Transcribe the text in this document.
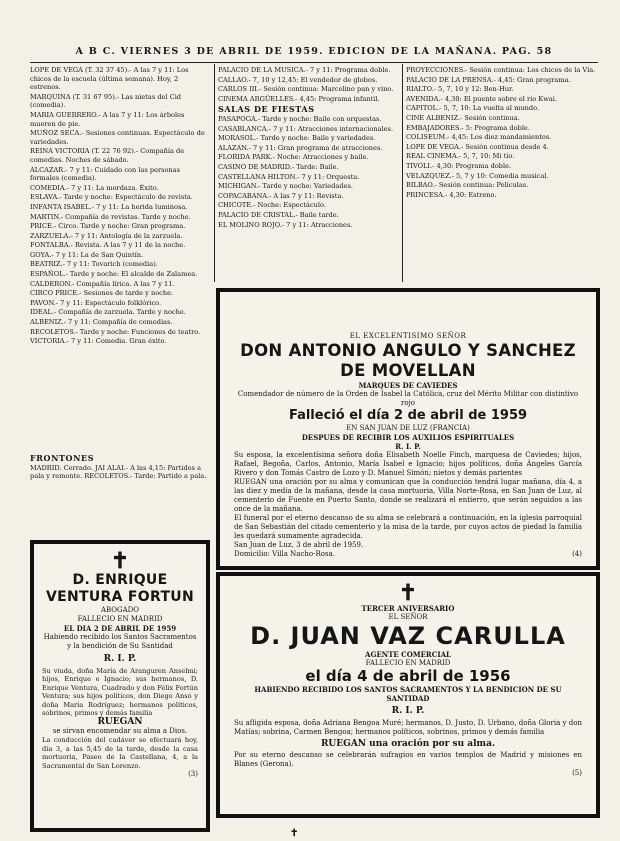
A B C. VIERNES 3 DE ABRIL DE 1959. EDICION DE LA MAÑANA. PAG. 58

LOPE DE VEGA (T. 32 37 45).- A las 7 y 11: Los chicos de la escuela (última semana). Hoy, 2 estrenos.

MARQUINA (T. 31 67 95).- Las nietas del Cid (comedia).

MARIA GUERRERO.- A las 7 y 11: Los árboles mueren de pie.

MUÑOZ SECA.- Sesiones continuas. Espectáculo de variedades.

REINA VICTORIA (T. 22 76 92).- Compañía de comedias. Noches de sábado.

ALCAZAR.- 7 y 11: Cuidado con las personas formales (comedia).

COMEDIA.- 7 y 11: La mordaza. Éxito.

ESLAVA.- Tarde y noche: Espectáculo de revista.

INFANTA ISABEL.- 7 y 11: La herida luminosa.

MARTIN.- Compañía de revistas. Tarde y noche.

PRICE.- Circo. Tarde y noche: Gran programa.

ZARZUELA.- 7 y 11: Antología de la zarzuela.

FONTALBA.- Revista. A las 7 y 11 de la noche.

GOYA.- 7 y 11: La de San Quintín.

BEATRIZ.- 7 y 11: Tovarich (comedia).

ESPAÑOL.- Tarde y noche: El alcalde de Zalamea.

CALDERON.- Compañía lírica. A las 7 y 11.

CIRCO PRICE.- Sesiones de tarde y noche.

PAVON.- 7 y 11: Espectáculo folklórico.

IDEAL.- Compañía de zarzuela. Tarde y noche.

ALBENIZ.- 7 y 11: Compañía de comedias.

RECOLETOS.- Tarde y noche: Funciones de teatro.

VICTORIA.- 7 y 11: Comedia. Gran éxito.

FRONTONES

MADRID. Cerrado. JAI ALAI.- A las 4,15: Partidos a pala y remonte. RECOLETOS.- Tarde: Partido a pala.

PALACIO DE LA MUSICA.- 7 y 11: Programa doble.

CALLAO.- 7, 10 y 12,45: El vendedor de globos.

CARLOS III.- Sesión continua: Marcelino pan y vino.

CINEMA ARGÜELLES.- 4,45: Programa infantil.

SALAS DE FIESTAS

PASAPOGA.- Tarde y noche: Baile con orquestas.

CASABLANCA.- 7 y 11: Atracciones internacionales.

MORASOL.- Tarde y noche: Baile y variedades.

ALAZAN.- 7 y 11: Gran programa de atracciones.

FLORIDA PARK.- Noche: Atracciones y baile.

CASINO DE MADRID.- Tarde: Baile.

CASTELLANA HILTON.- 7 y 11: Orquesta.

MICHIGAN.- Tarde y noche: Variedades.

COPACABANA.- A las 7 y 11: Revista.

CHICOTE.- Noche: Espectáculo.

PALACIO DE CRISTAL.- Baile tarde.

EL MOLINO ROJO.- 7 y 11: Atracciones.

PROYECCIONES.- Sesión continua: Los chicos de la Vía.

PALACIO DE LA PRENSA.- 4,45: Gran programa.

RIALTO.- 5, 7, 10 y 12: Ben-Hur.

AVENIDA.- 4,30: El puente sobre el río Kwai.

CAPITOL.- 5, 7, 10: La vuelta al mundo.

CINE ALBENIZ.- Sesión continua.

EMBAJADORES.- 5: Programa doble.

COLISEUM.- 4,45: Los diez mandamientos.

LOPE DE VEGA.- Sesión continua desde 4.

REAL CINEMA.- 5, 7, 10: Mi tío.

TIVOLI.- 4,30: Programa doble.

VELAZQUEZ.- 5, 7 y 10: Comedia musical.

BILBAO.- Sesión continua: Películas.

PRINCESA.- 4,30: Estreno.

EL EXCELENTISIMO SEÑOR
DON ANTONIO ANGULO Y SANCHEZ DE MOVELLAN
MARQUES DE CAVIEDES
Comendador de número de la Orden de Isabel la Católica, cruz del Mérito Militar con distintivo rojo
Falleció el día 2 de abril de 1959
EN SAN JUAN DE LUZ (FRANCIA)
DESPUES DE RECIBIR LOS AUXILIOS ESPIRITUALES
R. I. P.
Su esposa, la excelentísima señora doña Elisabeth Noelle Finch, marquesa de Caviedes; hijos, Rafael, Begoña, Carlos, Antonio, María Isabel e Ignacio; hijos políticos, doña Ángeles García Rivero y don Tomás Castro de Lozo y D. Manuel Simón; nietos y demás parientes
RUEGAN una oración por su alma y comunican que la conducción tendrá lugar mañana, día 4, a las diez y media de la mañana, desde la casa mortuoria, Villa Norte-Rosa, en San Juan de Luz, al cementerio de Fuente en Puerto Santo, donde se realizará el entierro, que serán seguidos a las once de la mañana.
El funeral por el eterno descanso de su alma se celebrará a continuación, en la iglesia parroquial de San Sebastián del citado cementerio y la misa de la tarde, por cuyos actos de piedad la familia les quedará sumamente agradecida.
San Juan de Luz, 3 de abril de 1959.
Domicilio: Villa Nacho-Rosa.	(4)
✝
D. ENRIQUE VENTURA FORTUN
ABOGADO
FALLECIO EN MADRID
EL DIA 2 DE ABRIL DE 1959
Habiendo recibido los Santos Sacramentos y la bendición de Su Santidad
R. I. P.
Su viuda, doña María de Aranguren Anselmi; hijos, Enrique e Ignacio; sus hermanos, D. Enrique Ventura, Cuadrado y don Félix Fortún Ventura; sus hijos políticos, don Diego Ansó y doña María Rodríguez; hermanos políticos, sobrinos, primos y demás familia
RUEGAN
se sirvan encomendar su alma a Dios.
La conducción del cadáver se efectuará hoy, día 3, a las 5,45 de la tarde, desde la casa mortuoria, Paseo de la Castellana, 4, a la Sacramental de San Lorenzo.
(3)
✝
TERCER ANIVERSARIO
EL SEÑOR
D. JUAN VAZ CARULLA
AGENTE COMERCIAL
FALLECIO EN MADRID
el día 4 de abril de 1956
HABIENDO RECIBIDO LOS SANTOS SACRAMENTOS Y LA BENDICION DE SU SANTIDAD
R. I. P.
Su afligida esposa, doña Adriana Bengoa Muré; hermanos, D. Justo, D. Urbano, doña Gloria y don Matías; sobrina, Carmen Bengoa; hermanos políticos, sobrinos, primos y demás familia
RUEGAN una oración por su alma.
Por su eterno descanso se celebrarán sufragios en varios templos de Madrid y misiones en Blanes (Gerona).
(5)
✝
